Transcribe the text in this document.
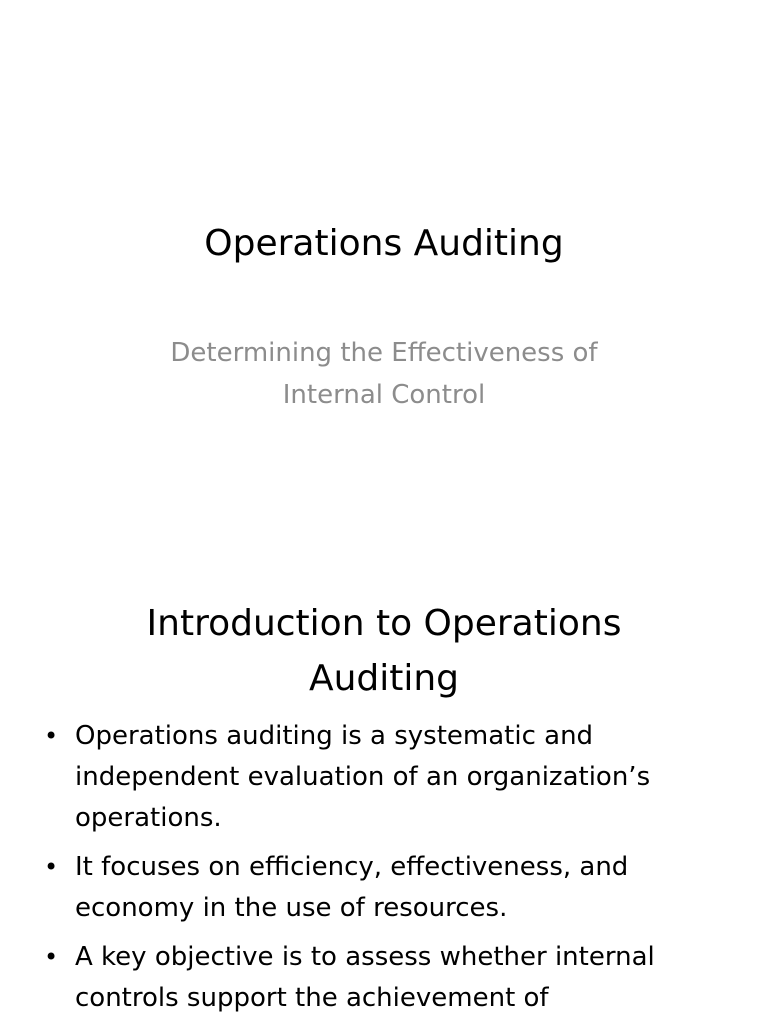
Operations Auditing

Determining the Effectiveness of Internal Control

Introduction to Operations Auditing
• Operations auditing is a systematic and independent evaluation of an organization’s operations.
• It focuses on efficiency, effectiveness, and economy in the use of resources.
• A key objective is to assess whether internal controls support the achievement of
